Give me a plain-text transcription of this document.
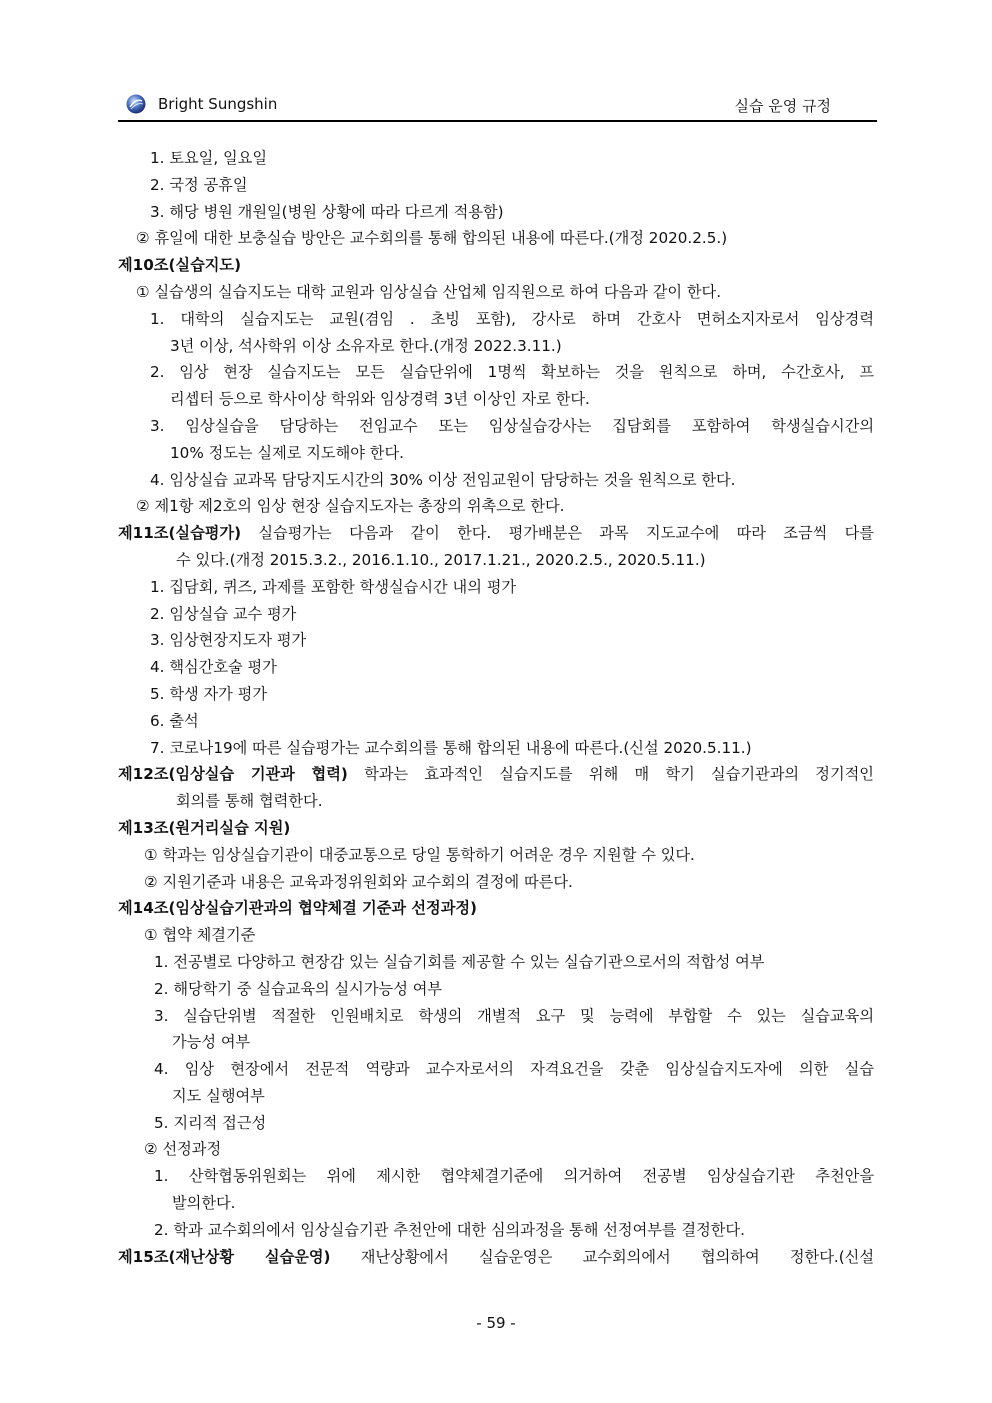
Bright Sungshin	실습 운영 규정
1. 토요일, 일요일
2. 국정 공휴일
3. 해당 병원 개원일(병원 상황에 따라 다르게 적용함)
② 휴일에 대한 보충실습 방안은 교수회의를 통해 합의된 내용에 따른다.(개정 2020.2.5.)
제10조(실습지도)
① 실습생의 실습지도는 대학 교원과 임상실습 산업체 임직원으로 하여 다음과 같이 한다.
1. 대학의 실습지도는 교원(겸임 . 초빙 포함), 강사로 하며 간호사 면허소지자로서 임상경력
3년 이상, 석사학위 이상 소유자로 한다.(개정 2022.3.11.)
2. 임상 현장 실습지도는 모든 실습단위에 1명씩 확보하는 것을 원칙으로 하며, 수간호사, 프
리셉터 등으로 학사이상 학위와 임상경력 3년 이상인 자로 한다.
3. 임상실습을 담당하는 전임교수 또는 임상실습강사는 집담회를 포함하여 학생실습시간의
10% 정도는 실제로 지도해야 한다.
4. 임상실습 교과목 담당지도시간의 30% 이상 전임교원이 담당하는 것을 원칙으로 한다.
② 제1항 제2호의 임상 현장 실습지도자는 총장의 위촉으로 한다.
제11조(실습평가) 실습평가는 다음과 같이 한다. 평가배분은 과목 지도교수에 따라 조금씩 다를
수 있다.(개정 2015.3.2., 2016.1.10., 2017.1.21., 2020.2.5., 2020.5.11.)
1. 집담회, 퀴즈, 과제를 포함한 학생실습시간 내의 평가
2. 임상실습 교수 평가
3. 임상현장지도자 평가
4. 핵심간호술 평가
5. 학생 자가 평가
6. 출석
7. 코로나19에 따른 실습평가는 교수회의를 통해 합의된 내용에 따른다.(신설 2020.5.11.)
제12조(임상실습 기관과 협력) 학과는 효과적인 실습지도를 위해 매 학기 실습기관과의 정기적인
회의를 통해 협력한다.
제13조(원거리실습 지원)
① 학과는 임상실습기관이 대중교통으로 당일 통학하기 어려운 경우 지원할 수 있다.
② 지원기준과 내용은 교육과정위원회와 교수회의 결정에 따른다.
제14조(임상실습기관과의 협약체결 기준과 선정과정)
① 협약 체결기준
1. 전공별로 다양하고 현장감 있는 실습기회를 제공할 수 있는 실습기관으로서의 적합성 여부
2. 해당학기 중 실습교육의 실시가능성 여부
3. 실습단위별 적절한 인원배치로 학생의 개별적 요구 및 능력에 부합할 수 있는 실습교육의
가능성 여부
4. 임상 현장에서 전문적 역량과 교수자로서의 자격요건을 갖춘 임상실습지도자에 의한 실습
지도 실행여부
5. 지리적 접근성
② 선정과정
1. 산학협동위원회는 위에 제시한 협약체결기준에 의거하여 전공별 임상실습기관 추천안을
발의한다.
2. 학과 교수회의에서 임상실습기관 추천안에 대한 심의과정을 통해 선정여부를 결정한다.
제15조(재난상황 실습운영) 재난상황에서 실습운영은 교수회의에서 협의하여 정한다.(신설
- 59 -
